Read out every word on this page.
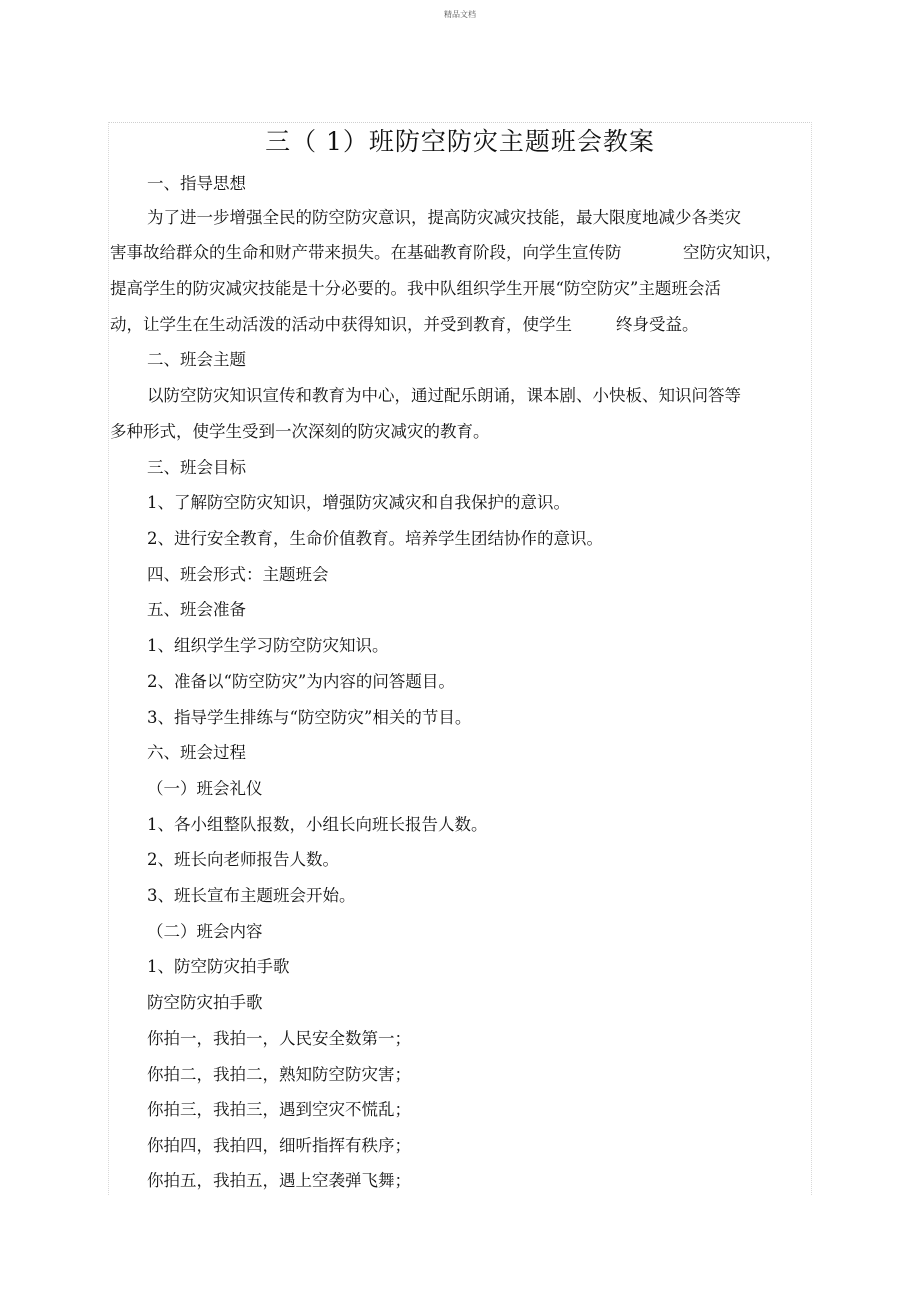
精品文档
三（ 1）班防空防灾主题班会教案
一、指导思想
为了进一步增强全民的防空防灾意识，提高防灾减灾技能，最大限度地减少各类灾
害事故给群众的生命和财产带来损失。在基础教育阶段，向学生宣传防	空防灾知识，
提高学生的防灾减灾技能是十分必要的。我中队组织学生开展“防空防灾”主题班会活
动，让学生在生动活泼的活动中获得知识，并受到教育，使学生	终身受益。
二、班会主题
以防空防灾知识宣传和教育为中心，通过配乐朗诵，课本剧、小快板、知识问答等
多种形式，使学生受到一次深刻的防灾减灾的教育。
三、班会目标
1、了解防空防灾知识，增强防灾减灾和自我保护的意识。
2、进行安全教育，生命价值教育。培养学生团结协作的意识。
四、班会形式：主题班会
五、班会准备
1、组织学生学习防空防灾知识。
2、准备以“防空防灾”为内容的问答题目。
3、指导学生排练与“防空防灾”相关的节目。
六、班会过程
（一）班会礼仪
1、各小组整队报数，小组长向班长报告人数。
2、班长向老师报告人数。
3、班长宣布主题班会开始。
（二）班会内容
1、防空防灾拍手歌
防空防灾拍手歌
你拍一，我拍一，人民安全数第一；
你拍二，我拍二，熟知防空防灾害；
你拍三，我拍三，遇到空灾不慌乱；
你拍四，我拍四，细听指挥有秩序；
你拍五，我拍五，遇上空袭弹飞舞；
